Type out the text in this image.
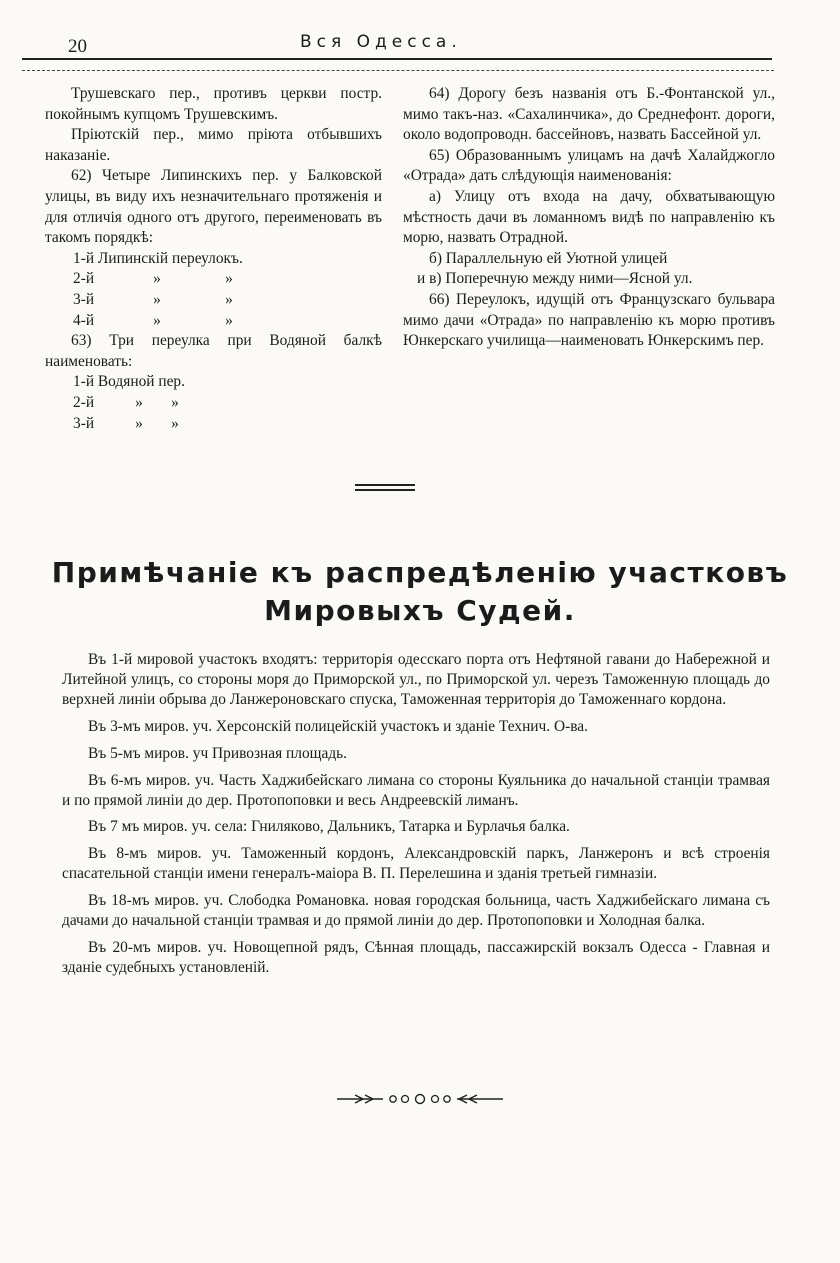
20	Вся Одесса.

Трушевскаго пер., противъ церкви постр. покойнымъ купцомъ Трушевскимъ.

Пріютскій пер., мимо пріюта отбывшихъ наказаніе.

62) Четыре Липинскихъ пер. у Балковской улицы, въ виду ихъ незначительнаго протяженія и для отличія одного отъ другого, переименовать въ такомъ порядкѣ:

1-й Липинскій переулокъ.
2-й	»	»
3-й	»	»
4-й	»	»

63) Три переулка при Водяной балкѣ наименовать:

1-й Водяной пер.
2-й	»	»
3-й	»	»

64) Дорогу безъ названія отъ Б.-Фонтанской ул., мимо такъ-наз. «Сахалинчика», до Среднефонт. дороги, около водопроводн. бассейновъ, назвать Бассейной ул.

65) Образованнымъ улицамъ на дачѣ Халайджогло «Отрада» дать слѣдующія наименованія:

а) Улицу отъ входа на дачу, обхватывающую мѣстность дачи въ ломанномъ видѣ по направленію къ морю, назвать Отрадной.

б) Параллельную ей Уютной улицей

и в) Поперечную между ними—Ясной ул.

66) Переулокъ, идущій отъ Французскаго бульвара мимо дачи «Отрада» по направленію къ морю противъ Юнкерскаго училища—наименовать Юнкерскимъ пер.

Примѣчаніе къ распредѣленію участковъ
Мировыхъ Судей.

Въ 1-й мировой участокъ входятъ: территорія одесскаго порта отъ Нефтяной гавани до Набережной и Литейной улицъ, со стороны моря до Приморской ул., по Приморской ул. черезъ Таможенную площадь до верхней линіи обрыва до Ланжероновскаго спуска, Таможенная территорія до Таможеннаго кордона.

Въ 3-мъ миров. уч. Херсонскій полицейскій участокъ и зданіе Технич. О-ва.

Въ 5-мъ миров. уч Привозная площадь.

Въ 6-мъ миров. уч. Часть Хаджибейскаго лимана со стороны Куяльника до начальной станціи трамвая и по прямой линіи до дер. Протопоповки и весь Андреевскій лиманъ.

Въ 7 мъ миров. уч. села: Гниляково, Дальникъ, Татарка и Бурлачья балка.

Въ 8-мъ миров. уч. Таможенный кордонъ, Александровскій паркъ, Ланжеронъ и всѣ строенія спасательной станціи имени генералъ-маіора В. П. Перелешина и зданія третьей гимназіи.

Въ 18-мъ миров. уч. Слободка Романовка. новая городская больница, часть Хаджибейскаго лимана съ дачами до начальной станціи трамвая и до прямой линіи до дер. Протопоповки и Холодная балка.

Въ 20-мъ миров. уч. Новощепной рядъ, Сѣнная площадь, пассажирскій вокзалъ Одесса - Главная и зданіе судебныхъ установленій.
